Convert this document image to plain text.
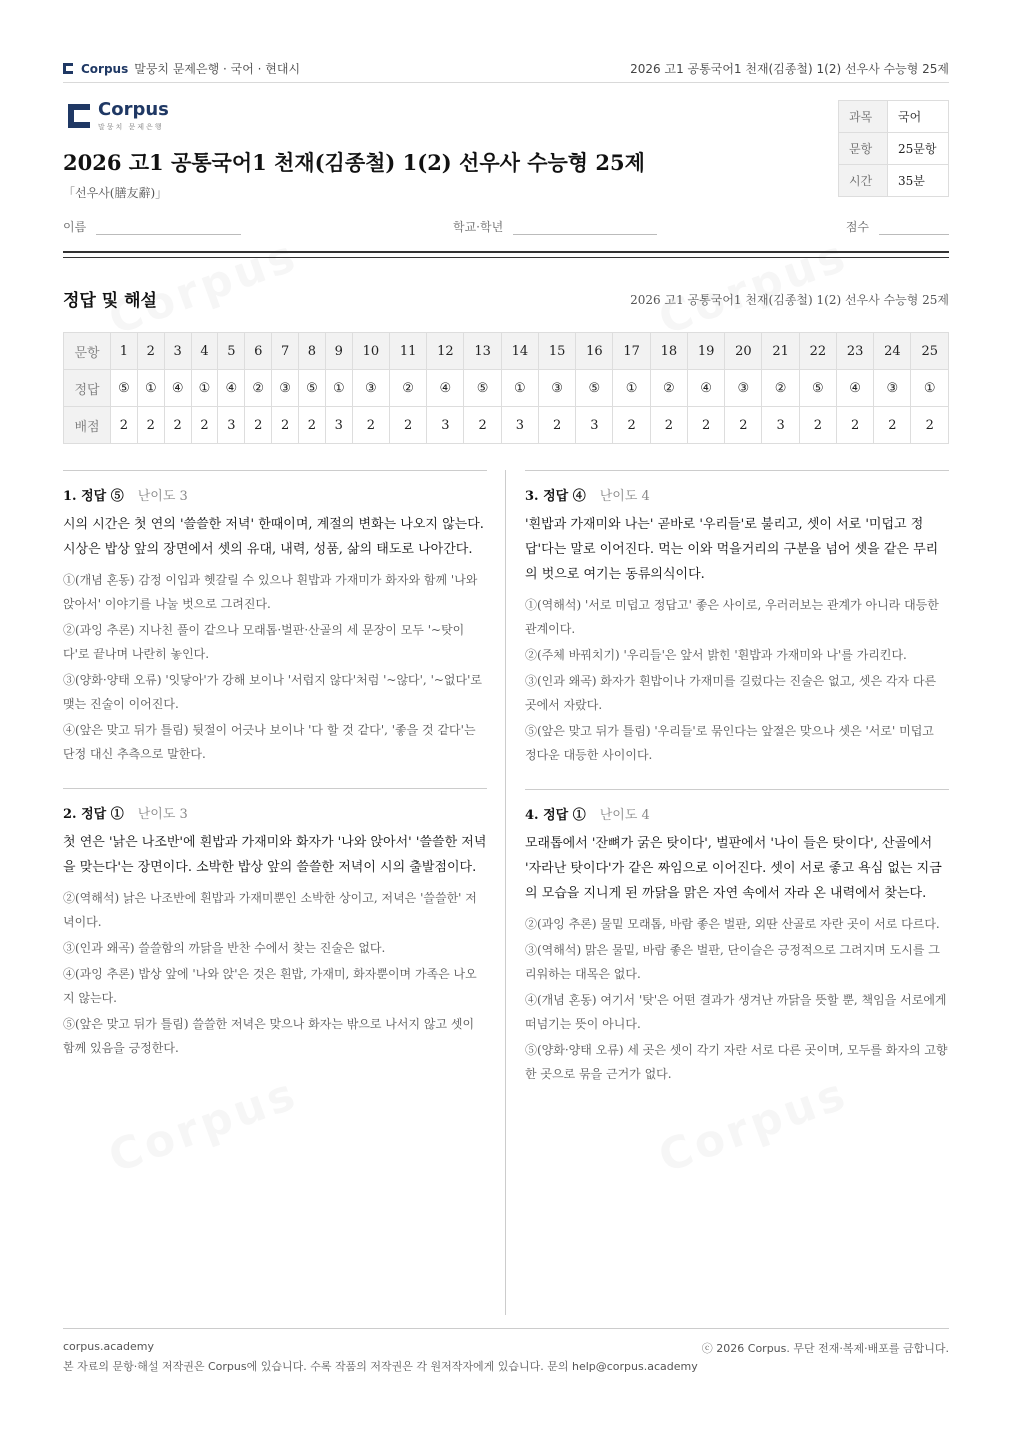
Corpus 말뭉치 문제은행 · 국어 · 현대시	2026 고1 공통국어1 천재(김종철) 1(2) 선우사 수능형 25제
Corpus
말뭉치 문제은행
2026 고1 공통국어1 천재(김종철) 1(2) 선우사 수능형 25제
「선우사(膳友辭)」
과목	국어
문항	25문항
시간	35분
이름	학교·학년	점수
정답 및 해설	2026 고1 공통국어1 천재(김종철) 1(2) 선우사 수능형 25제
문항	1	2	3	4	5	6	7	8	9	10	11	12	13	14	15	16	17	18	19	20	21	22	23	24	25
정답	⑤	①	④	①	④	②	③	⑤	①	③	②	④	⑤	①	③	⑤	①	②	④	③	②	⑤	④	③	①
배점	2	2	2	2	3	2	2	2	3	2	2	3	2	3	2	3	2	2	2	2	3	2	2	2	2
1. 정답 ⑤ 난이도 3
시의 시간은 첫 연의 '쓸쓸한 저녁' 한때이며, 계절의 변화는 나오지 않는다. 시상은 밥상 앞의 장면에서 셋의 유대, 내력, 성품, 삶의 태도로 나아간다.
①(개념 혼동) 감정 이입과 헷갈릴 수 있으나 흰밥과 가재미가 화자와 함께 '나와 앉아서' 이야기를 나눌 벗으로 그려진다.
②(과잉 추론) 지나친 풀이 같으나 모래톱·벌판·산골의 세 문장이 모두 '~탓이다'로 끝나며 나란히 놓인다.
③(양화·양태 오류) '잇닿아'가 강해 보이나 '서럽지 않다'처럼 '~않다', '~없다'로 맺는 진술이 이어진다.
④(앞은 맞고 뒤가 틀림) 뒷절이 어긋나 보이나 '다 할 것 같다', '좋을 것 같다'는 단정 대신 추측으로 말한다.
2. 정답 ① 난이도 3
첫 연은 '낡은 나조반'에 흰밥과 가재미와 화자가 '나와 앉아서' '쓸쓸한 저녁을 맞는다'는 장면이다. 소박한 밥상 앞의 쓸쓸한 저녁이 시의 출발점이다.
②(역해석) 낡은 나조반에 흰밥과 가재미뿐인 소박한 상이고, 저녁은 '쓸쓸한' 저녁이다.
③(인과 왜곡) 쓸쓸함의 까닭을 반찬 수에서 찾는 진술은 없다.
④(과잉 추론) 밥상 앞에 '나와 앉'은 것은 흰밥, 가재미, 화자뿐이며 가족은 나오지 않는다.
⑤(앞은 맞고 뒤가 틀림) 쓸쓸한 저녁은 맞으나 화자는 밖으로 나서지 않고 셋이 함께 있음을 긍정한다.
3. 정답 ④ 난이도 4
'흰밥과 가재미와 나는' 곧바로 '우리들'로 불리고, 셋이 서로 '미덥고 정답'다는 말로 이어진다. 먹는 이와 먹을거리의 구분을 넘어 셋을 같은 무리의 벗으로 여기는 동류의식이다.
①(역해석) '서로 미덥고 정답고' 좋은 사이로, 우러러보는 관계가 아니라 대등한 관계이다.
②(주체 바꿔치기) '우리들'은 앞서 밝힌 '흰밥과 가재미와 나'를 가리킨다.
③(인과 왜곡) 화자가 흰밥이나 가재미를 길렀다는 진술은 없고, 셋은 각자 다른 곳에서 자랐다.
⑤(앞은 맞고 뒤가 틀림) '우리들'로 묶인다는 앞절은 맞으나 셋은 '서로' 미덥고 정다운 대등한 사이이다.
4. 정답 ① 난이도 4
모래톱에서 '잔뼈가 굵은 탓이다', 벌판에서 '나이 들은 탓이다', 산골에서 '자라난 탓이다'가 같은 짜임으로 이어진다. 셋이 서로 좋고 욕심 없는 지금의 모습을 지니게 된 까닭을 맑은 자연 속에서 자라 온 내력에서 찾는다.
②(과잉 추론) 물밑 모래톱, 바람 좋은 벌판, 외딴 산골로 자란 곳이 서로 다르다.
③(역해석) 맑은 물밑, 바람 좋은 벌판, 단이슬은 긍정적으로 그려지며 도시를 그리워하는 대목은 없다.
④(개념 혼동) 여기서 '탓'은 어떤 결과가 생겨난 까닭을 뜻할 뿐, 책임을 서로에게 떠넘기는 뜻이 아니다.
⑤(양화·양태 오류) 세 곳은 셋이 각기 자란 서로 다른 곳이며, 모두를 화자의 고향 한 곳으로 묶을 근거가 없다.
corpus.academy	ⓒ 2026 Corpus. 무단 전재·복제·배포를 금합니다.
본 자료의 문항·해설 저작권은 Corpus에 있습니다. 수록 작품의 저작권은 각 원저작자에게 있습니다. 문의 help@corpus.academy
